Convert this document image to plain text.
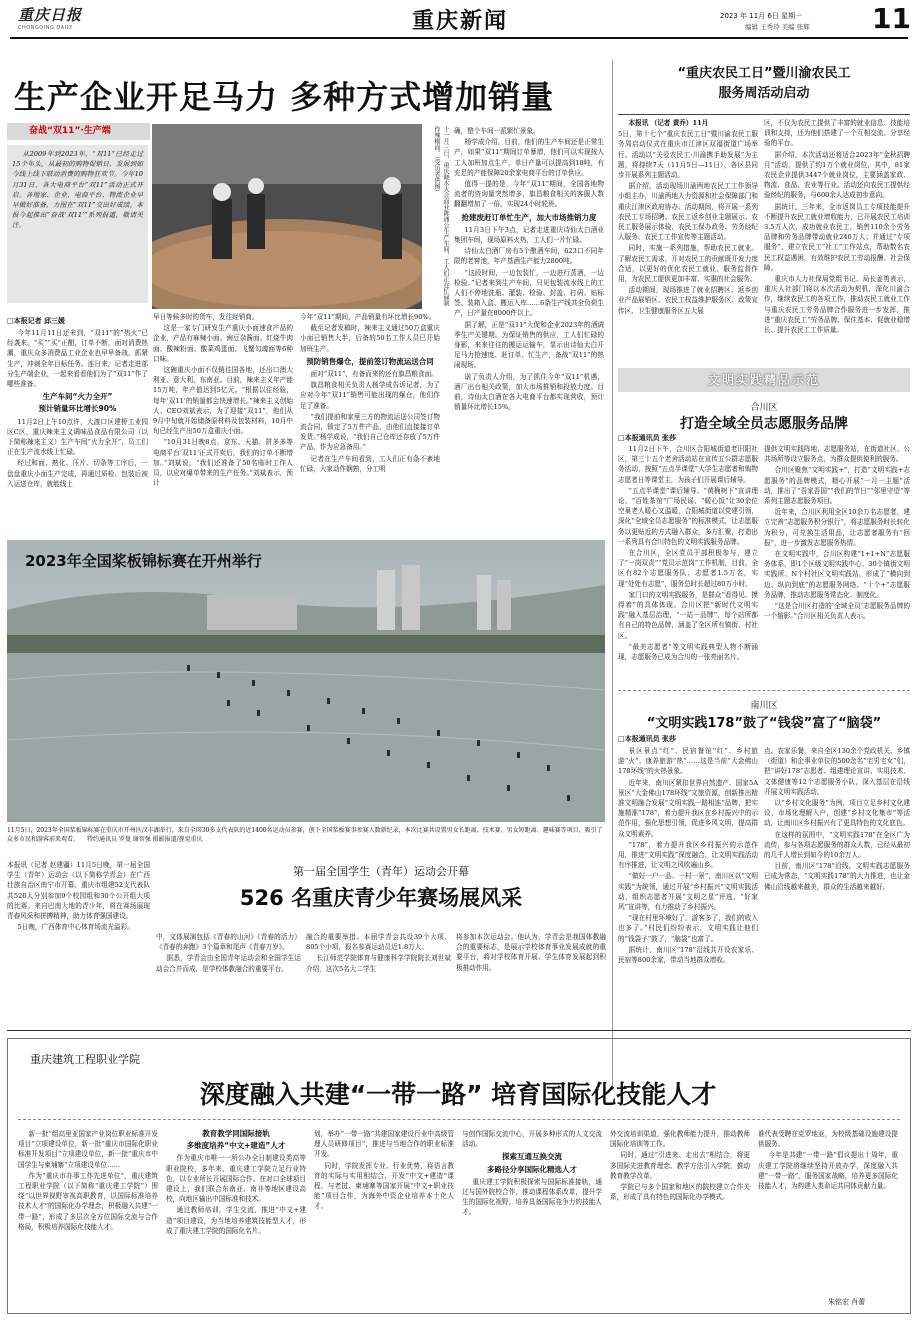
重庆日报
CHONGQING DAILY	重庆新闻	2023 年 11月 6日 星期一
编辑 王秀玲 美编 张辉 11
生产企业开足马力 多种方式增加销量
奋战“双11”·生产端

从2009年到2023年，“双11”已经走过15个年头，从最初的购物促销日，发展到如今线上线下联动消费的购物狂欢节。今年10月31日，各大电商平台“双11”活动正式开启。各地家、企业、电商平台、物流企业早早做好准备，力图在“双11”交出好成绩。本报今起推出“奋战‘双11’”系列报道，敬请关注。	十一月三日，重庆晓水大合面业陈通公生产车间，工人们正在忙碌制作辣椒面。（受访者供图）
□本报记者 邱三媛

今年11月11日还未到，“双11”的“热火”已经袭来。“买”“买”正酣，订单不断，面对消费热潮，重庆众多消费品工业企业也早早备战，抓紧生产，冲刺全年目标任务。连日来，记者走进部分生产端企业，一起来看看他们为了“双11”作了哪些准备。

生产车间“火力全开”
预计销量环比增长90%

11月2日上午10点许，大渡口区建桥工业园区C区，重庆辣来主义调味品食品有限公司（以下简称辣来主义）生产车间“火力全开”，员工们正在生产流水线上忙碌。

经过和面、熟化、压片、切条等工序后，一盘盘重庆小面生产完成，再通过质检、包装后被入运送仓库，就能线上

早日等候多时的货车，发往经销商。

这是一家专门研发生产重庆小面速食产品的企业，产品有麻辣小面、豌豆杂酱面、红烧牛肉面、酸辣粉面、酸菜鸡蛋面、飞蟹勾魂面等6种口味。

这碗重庆小面不仅销往国各地，还出口澳大利亚、意大利、东南亚。目前，辣来主义年产能15万吨，年产值达到5亿元。“根据以往经验，每年‘双11’的销量都会快速增长。”辣来主义创始人、CEO刘斌表示，为了迎接“双11”，他们从9月中旬就开始储备原材料及包装材料，10月中旬已经生产出50万盒重庆小面。

“10月31日晚8点，京东、天猫、拼多多等电商平台‘双11’正式开卖后，我们的订单不断增加。”刘斌说，“我们还准备了50名临时工作人员，以应对爆单带来的生产任务。”刘斌表示，预计

今年“双11”期间，产品销量有环比增长90%。

截至记者发稿时，辣来主义通过50万盒重庆小面已销售大半，后备的50名工作人员已开始加班生产。

预防销售爆仓，提前签订物流运送合同

面对“双11”，有备而来的还有旗昌粮食面。

旗昌粮食相关负责人杨学成告诉记者，为了应对今年“双11”销售可能出现的爆仓，他们作足了准备。

“我们提前和家里三方的物流运送公司签订物流合同，锁定了5万件产品，由他们直接接订单发货。”杨学成说，“我们自己仓库还存放了5万件产品，作为应急备用。”

记者在生产车间看到，工人们正有条不紊地忙碌，大家动作娴熟，分工明

确，整个车间一派繁忙景象。

杨学成介绍，目前，他们的生产车间还是正常生产，如果“双11”期间订单暴增，他们可以实现按人工人加班加点生产，单日产量可以提高到18吨，有充足的产能保障20余家电商平台的订单供应。

值得一提的是，今年“双11”期间，全国各地物流者的咨询量突然增多，旗昌粮食相关的客服人数翻翻增加了一倍，实现24小时轮班。

抢建废赶订单忙生产，加大市场推销力度

11月3日下午3点，记者走进重庆诗仙太白酒业集团车间，现场原料火热，工人们一片忙碌。

诗仙太白酒厂房有5个酿酒车间，623口不同年限的老窖池，年产基酒生产能力2800吨。

“这段时间，一边包装忙，一边进行蒸酒，一边检验。”记者来到生产车间，只见包装流水线上的工人们不停地洗瓶、灌装、检验、封盖、打码、贴标签、装箱入盒、搬运入库……6条生产线共全负荷生产，日产量在8000件以上。

据了解，正是“双11”大促和企业2023年的酒调季生产关键期。为保证销售的供应，工人们忙碌的身影，来来往往的搬运运输车，显示出诗仙太白开足马力抢速度、赶订单、忙生产，备战“双11”的热闹现场。

诺了负责人介绍，为了抓住今年“双11”机遇，酒厂出台相关政策，加大市场推销和投放力度。目前，诗仙太白酒在各大电商平台都实现营收，预计销量环比增长15%。

“重庆农民工日”暨川渝农民工
服务周活动启动

本报讯 （记者 黄乔）11月

5日，第十七个“重庆农民工日”暨川渝农民工服务周启动仪式在重庆市江津区双福街道广场举行。活动以“关爱农民工·川渝携手助发展”为主题，将持续7天（11月5日—11日），各区县同步开展系列主题活动。

据介绍，活动现场川渝两地农民工工作领导小组主办，川渝两地人力资源和社会保障部门和重庆江津区政府协办。活动期间，将开展一系列农民工专场招聘、农民工返乡创业主题展示、农民工服务展示体验、农民工保办政务、劳务经纪人服务、农民工工作宣传等主题活动。

同时，实施一系列措施，帮助农民工就业。了解农民工需求，开对农民工的贡献既开发力度合适，以更好的优化农民工就业、服务监督作用，为农民工提供更加丰富、实惠的社会服务。

活动期间，现场推进了就业招聘区、返乡创业产品展销区、农民工权益维护服务区、政策宣传区、卫生健康服务区五大展

区，不仅为农民工提供了丰富的就业信息、技能培训和支持，还为他们搭建了一个互相交流、分享经验的平台。

据介绍，本次活动还将适合2023年“金秋招聘月”活动，提供了约1万个就业岗位，其中，81家农民企业提供3447个就业岗位，主要涵盖家政、物流、食品、农业等行业。活动还向农民工提供经验经纪的服务，与600余人达成初步意向。

据统计，三年来，全市返岗员工专项技能提升不断提升农民工就业增收能力，已开展农民工培训3.5万人次，成功就业农民工，销售110余个劳务品牌和劳务品牌带动就业240万人；并通过“专项服务”，建立农民工“社工”工作站点，帮助数名农民工权益遇困，有效维护农民工劳动报酬、社会保障。

重庆市人力社保局党组书记、局长姜勇表示，重庆人社部门将以本次活动为契机，深化川渝合作，继续农民工的各项工作，推动农民工就业工作与重庆农民工劳务品牌合作服务进一步发挥，推进“重庆农民工”劳务品牌、保住基本、促就业稳增长、提升农民工工作质量。

文明实践精品示范
合川区
打造全域全员志愿服务品牌
□本报通讯员 张莎

11月2日下午，合川区合阳城街道老旧阳社区，第三十五个老舍活动站在宣传五公群志愿服务活动，按照“五点半课堂”大学生志愿者和购物志愿者日等课堂主，为孩子们开展课后辅导。

“五点半课堂”课后辅导、“黄桷树下”宣讲理论、“百姓茶馆”广场民谣、“暖心饭”让30余位空巢老人暖心又温暖，合阳城街道以党建引领，深化“全域全员志愿服务”的标准模式，让志愿服务以更贴近的方式融入群众，多方汇聚，打造出一系列具有合川特色的文明实践服务品牌。

在合川区，全区党员干部积极参与，建立了“一岗双责”“党员示范岗”工作机制，目前，全区有82个志愿服务队、志愿者1.5万名，实现“处处有志愿”，服务总时长超过80万小时。

家门口的文明实践服务，是群众“看得见、摸得着”的具体体现。合川区把“新时代文明实践”融入基层治理，“一站一品牌”，每个站所都有自己的特色品牌，涵盖了全区所有镇街、村社区。

“最美志愿者”等文明实践典型人物不断涌现，志愿服务已成为合川的一张亮丽名片。

提供文明实践阵地、志愿服务站，在街道社区、公共场所等设立服务点，为群众提供便利的服务。

合川区聚焦“文明实践+”，打造“文明实践+志愿服务”的品牌模式，精心开展“一月一主题”活动，推出了“吾家吾国”“我们的节日”“邻里守望”等系列主题志愿服务项目。

近年来，合川区利用全区10余万名志愿者，建立完善“志愿服务积分银行”，将志愿服务时长转化为积分，可兑换生活用品，让志愿者服务有“回报”，进一步激发志愿服务热情。

在文明实践中，合川区构建“1+1+N”志愿服务体系，即1个区级文明实践中心、30个镇街文明实践所、N个村社区文明实践站，形成了“横向到边、纵向到底”的志愿服务网络。“十个+”志愿服务品牌，推动志愿服务常态化、制度化。

“这是合川区打造的‘全域全员’志愿服务品牌的一个缩影。”合川区相关负责人表示。

南川区
“文明实践178”鼓了“钱袋”富了“脑袋”
□本报通讯员 张莎

景区景点“红”、民宿餐馆“红”、乡村旅游“火”、康养旅游“热”……这是当前“大金佛山178环线”的火热景象。

近年来，南川区紧扣世界自然遗产、国家5A景区“大金佛山178环线”文旅资源，创新推出精准文明融合发展“文明实践一路相连”品牌，把实施精准“178”，着力提升我区在乡村振兴中的示范作用，强化思想引领，促进乡风文明，提高群众文明素养。

“178”，着力提升我区乡村振兴的示范作用，推进“文明实践”深度融合，让文明实践活动有序推进，让文明之风吹遍山乡。

“做好一户一品、一村一景”，南川区以“文明实践”为统领，通过开展“乡村振兴”文明实践活动，组织志愿者开展“文明之星”评选、“好家风”宣讲等，有力推动了乡村振兴。

“现在村里环境好了，游客多了，我们的收入也多了。”村民们纷纷表示，文明实践让他们的“钱袋子”鼓了，“脑袋”也富了。

据统计，南川区“178”沿线共开设农家乐、民宿等800余家，带动当地群众增收。

点、农家乐餐，来自全区130余个党政机关、乡镇（街道）和企事业单位的500余名“宅男宅女”们，把“讲好178”志愿者、组建理论宣讲、实用技术、文体健康等12个志愿服务小队，深入基层在沿线开展文明实践活动。

以“乡村文化服务”为例，项目立足乡村文化建设，市场化理解入户，创建“乡村文化集市”等活动，让南川区乡村振兴有了更具特色的文化底色。

在这样的氛围中，“文明实践178”在全区广为流传，参与各项志愿服务的群众人数，已经从最初的几千人增长到如今的10余万人。

目前，南川区“178”沿线，文明实践志愿服务已成为常态，“文明实践178”的大力推进，也让金佛山沿线越来越美，群众的生活越来越好。

2023年全国桨板锦标赛在开州举行
11月5日，2023年全国桨板锦标赛在重庆市开州区汉丰湖举行，来自全国30多支代表队的近1400名运动员参赛，创下全国桨板赛事参赛人数新纪录，本次比赛共设置男女长距离、技术赛、男女短距离、趣味赛等项目，吸引了众多市民和游客前来观看。 特约通讯员 罗曼 谢智强 摄影报道/视觉重庆

本报讯（记者 赵建疆）11月5日晚，第一届全国学生（青年）运动会（以下简称学青会）在广西壮族自治区南宁市开幕。重庆市组建52支代表队共526人分别参加9个校园组和30个公开组大项的比赛。来自巴南大地的青少年，将在赛场展现青春风采和拼搏精神，助力体育强国建设。

5日晚，广西体育中心体育场流光溢彩。

第一届全国学生（青年）运动会开幕
526 名重庆青少年赛场展风采

中，文体展演包括《青春的山河》《青春的活力》《青春的奔跑》3个篇章和尾声《青春万岁》。

据悉，学青会由全国青年运动会和全国学生运动会合并而成，是学校体教融合的重要平台。

融合的重要举措。本届学青会共设39个大项、805个小项，报名参赛运动员近1.8万人。

长江师范学院体育与健康科学学院院长刘世斌介绍，这次5名大二学生

将参加本次运动会。他认为，学青会是我国体教融合的重要标志，是展示学校体育事业发展成就的重要平台，将对学校体育开展、学生体育发展起到积极推动作用。

重庆建筑工程职业学院
深度融入共建“一带一路” 培育国际化技能人才

新一批“组高里亚国家产业岗位职业标准开发项目”立项建设单位，新一批“重庆市国际化职业标准开发项目”立项建设单位，新一批“重庆市中国学生与柬埔寨”立项建设单位……

作为“重庆市办事工作先进单位”，重庆建筑工程职业学院（以下简称“重庆建工学院”）围绕“以世界视野审视高职教育，以国际标准培养技术人才”的国际化办学理念，积极融入共建“一带一路”，形成了多层次全方位国际交流与合作格局，积极培养国际化技能人才。

教育教学同国际接轨
多维度培养“中文+建造”人才

作为重庆市唯一一所公办全日制建设类高等职业院校，多年来，重庆建工学院立足行业特色，以专业所长开展国际合作。在对口全球项目建设上，我们联合东南亚、南非等地区建设高校，向地区输出中国标准和技术。

通过教师培训，学生交流，推进“中文+建造”项目建设，为当地培养建筑技能型人才，形成了重庆建工学院的国际化名片。

划，举办“一带一路”共建国家建设行业中高级管理人员研修项目”，推进与当地合作的职业标准开发。

同时，学院发挥专业、行业优势，将语言教育的实际与实用相结合，开发“中文+建造”课程，与老挝、柬埔寨等国家开展“中文+职业技能”项目合作，为海外中资企业培养本土化人才。

与创作国际交流中心，开展多种形式的人文交流活动。

探索互通互换交流
多路径分享国际化精选人才

重庆建工学院积极探索与国际标准接轨，通过与国外院校合作，推动课程体系改革，提升学生的国际化视野，培养具备国际竞争力的技能人才。

外交流培训渠道，强化教师能力提升，推动教师国际化培训等工作。

同时，通过“引进来、走出去”相结合，将更多国际先进教育理念、教学方法引入学院，推动教育教学改革。

学院已与多个国家和地区的院校建立合作关系，形成了具有特色的国际化办学模式。

谁代表受聘在克罗地亚，为校级基础设施建设提供服务。

今年是共建“一带一路”倡议提出十周年，重庆建工学院将继续坚持开放办学，深度融入共建“一带一路”，服务国家战略，培养更多国际化技能人才，为构建人类命运共同体贡献力量。

朱铭宏 肖蕾
